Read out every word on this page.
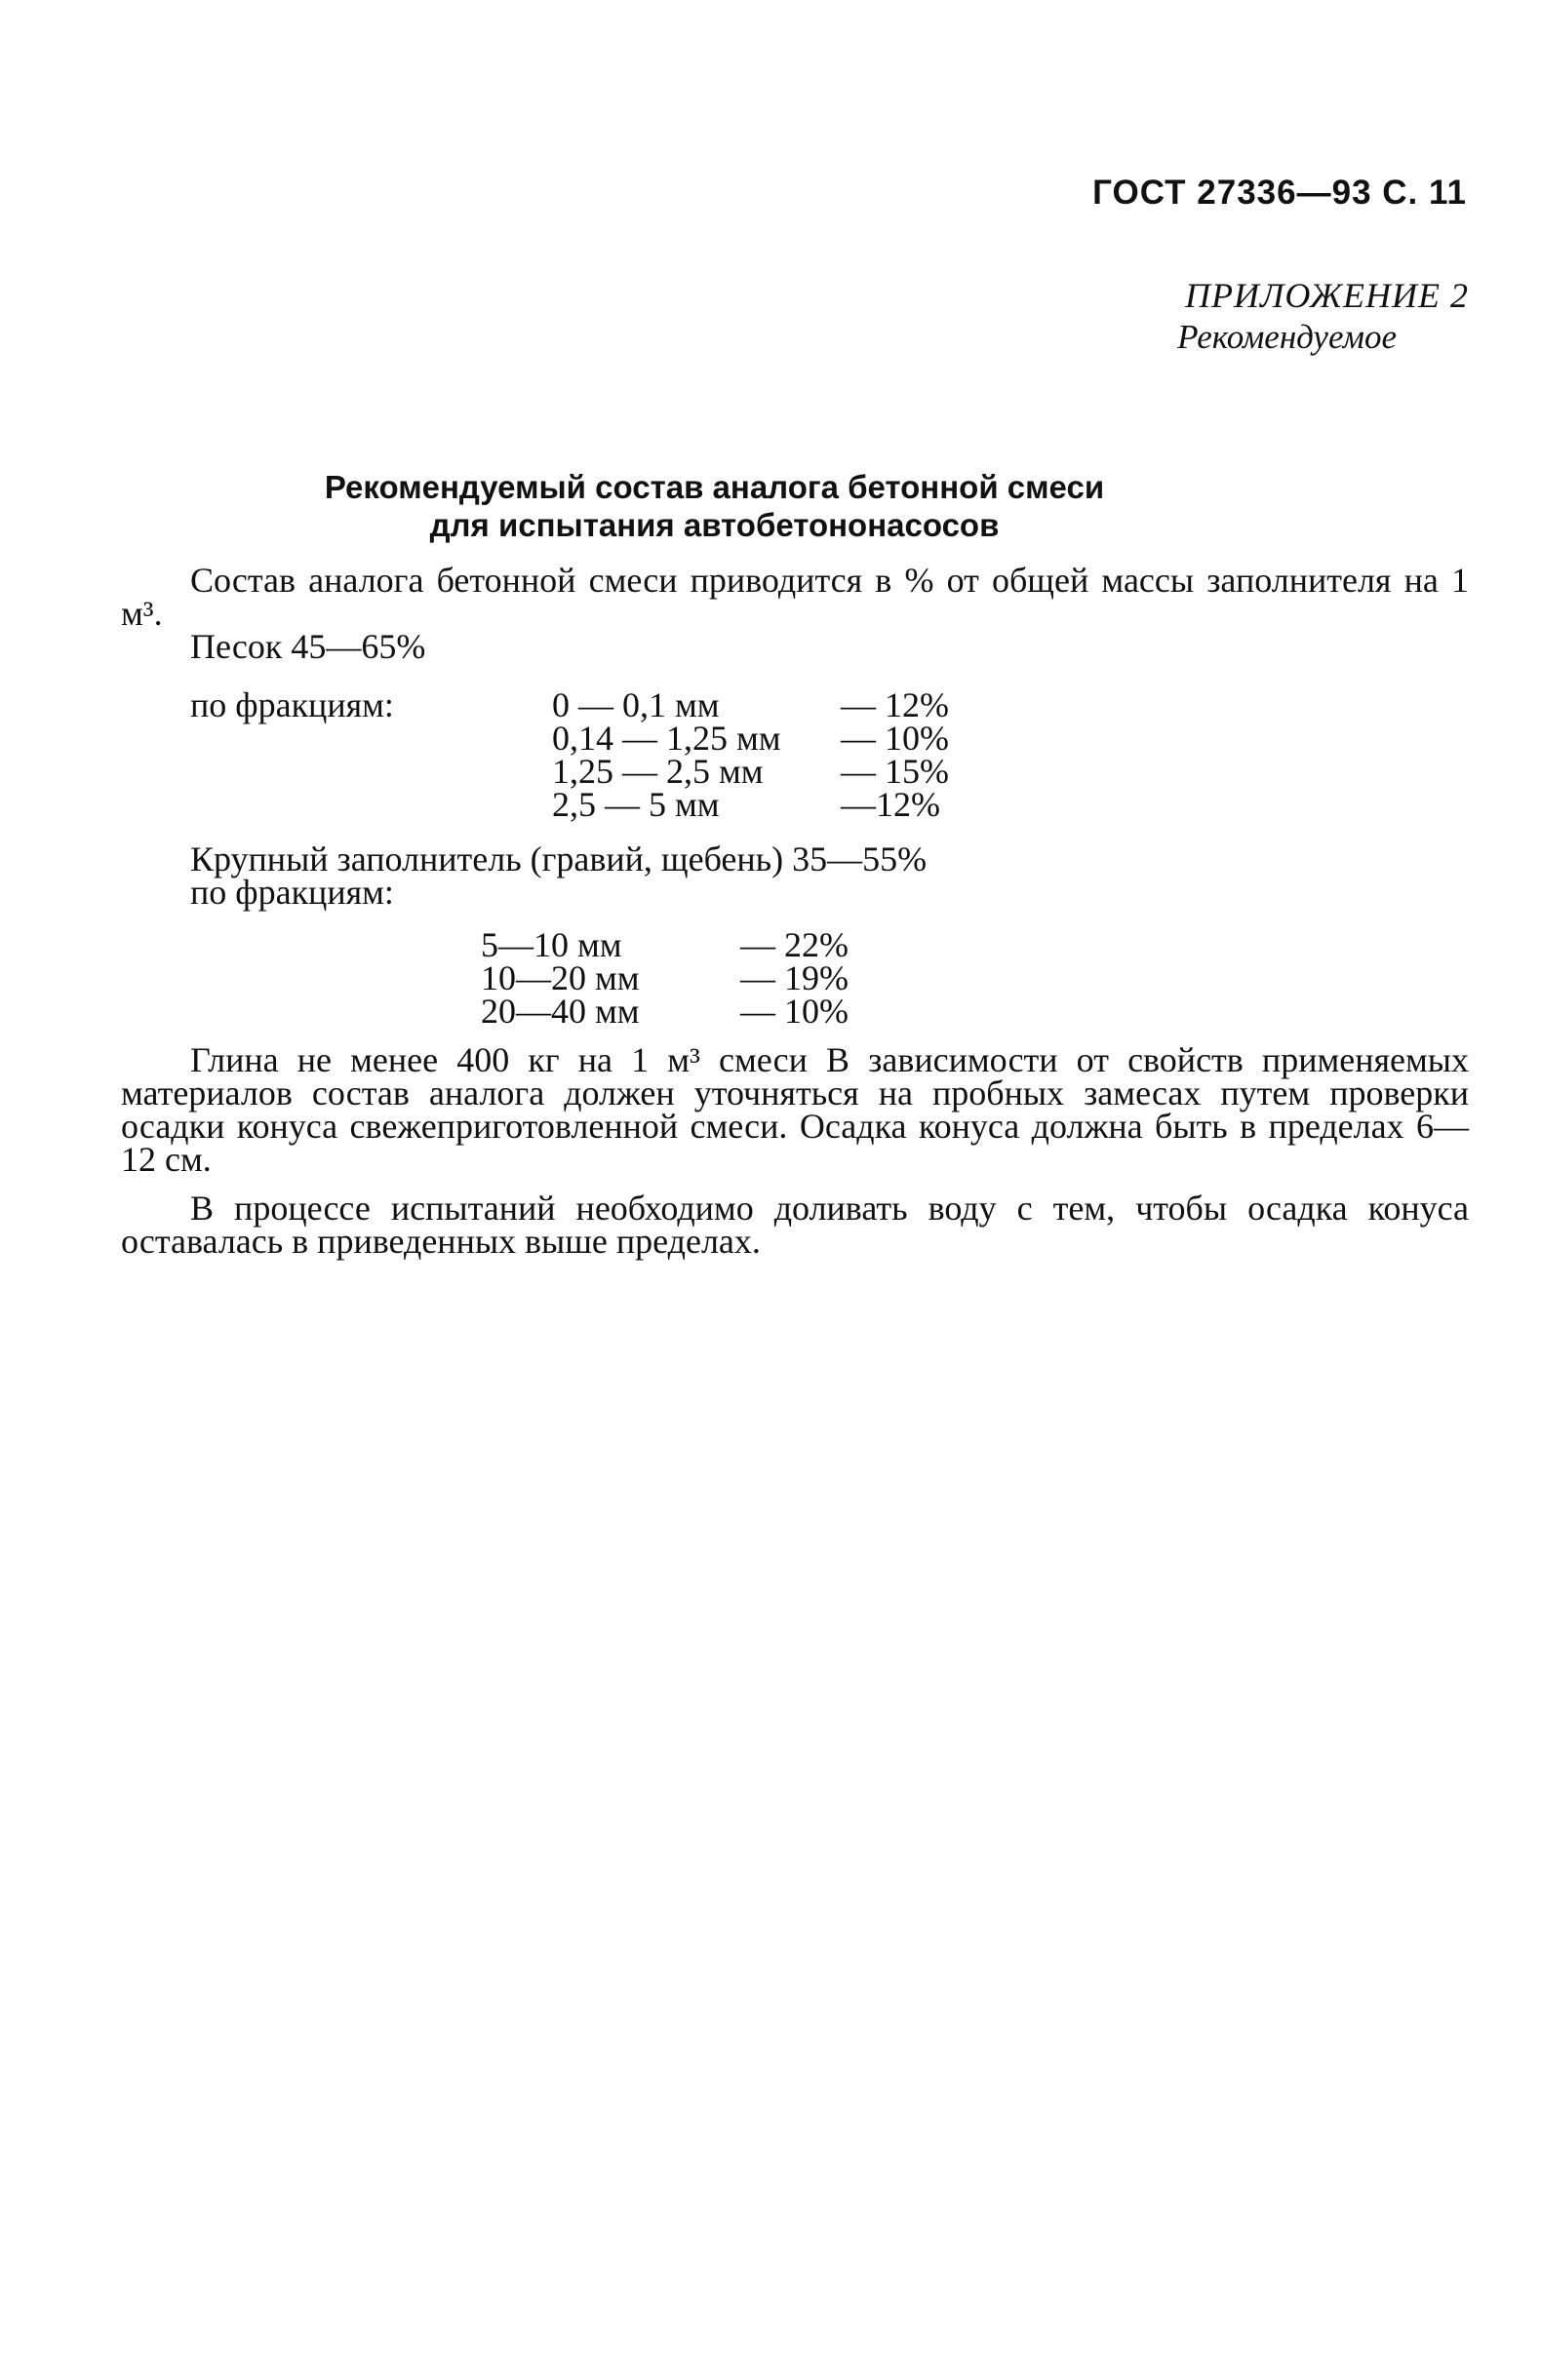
ГОСТ 27336—93 С. 11
ПРИЛОЖЕНИЕ 2
Рекомендуемое
Рекомендуемый состав аналога бетонной смеси
для испытания автобетононасосов
Состав аналога бетонной смеси приводится в % от общей массы заполнителя на 1 м³.
Песок 45—65%
по фракциям:	0 — 0,1 мм	— 12%
0,14 — 1,25 мм — 10%
1,25 — 2,5 мм — 15%
2,5 — 5 мм	—12%
Крупный заполнитель (гравий, щебень) 35—55%
по фракциям:
5—10 мм	— 22%
10—20 мм	— 19%
20—40 мм	— 10%
Глина не менее 400 кг на 1 м³ смеси В зависимости от свойств применяемых материалов состав аналога должен уточняться на пробных замесах путем проверки осадки конуса свежеприготовленной смеси. Осадка конуса должна быть в пределах 6—12 см.
В процессе испытаний необходимо доливать воду с тем, чтобы осадка конуса оставалась в приведенных выше пределах.
